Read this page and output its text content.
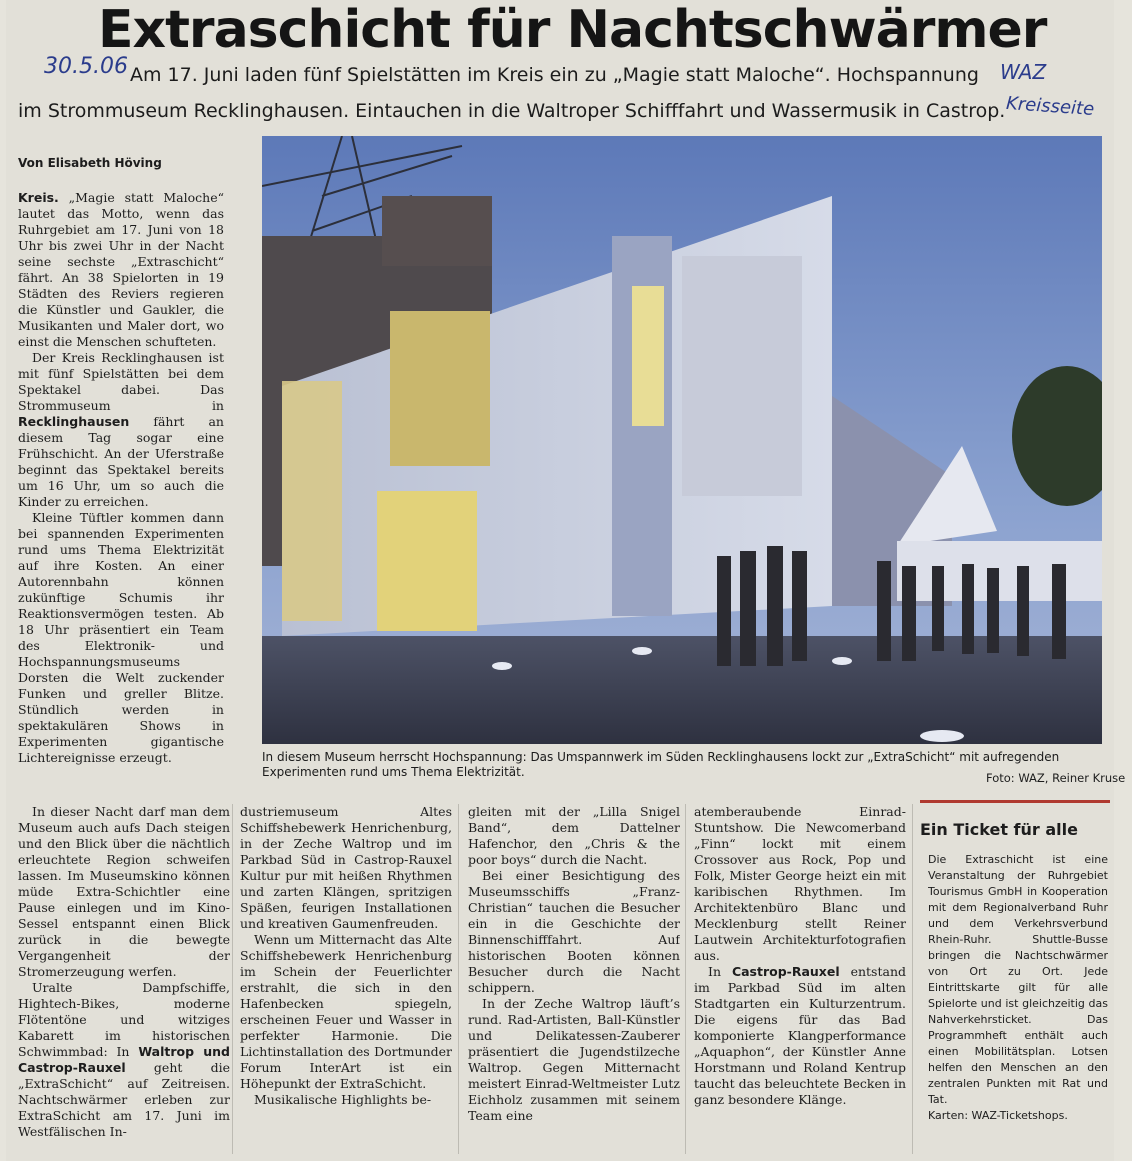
Extraschicht für Nachtschwärmer
30.5.06	WAZ
Kreisseite
Am 17. Juni laden fünf Spielstätten im Kreis ein zu „Magie statt Maloche“. Hochspannung
im Strommuseum Recklinghausen. Eintauchen in die Waltroper Schifffahrt und Wassermusik in Castrop.
Von Elisabeth Höving

Kreis. „Magie statt Maloche“ lautet das Motto, wenn das Ruhrgebiet am 17. Juni von 18 Uhr bis zwei Uhr in der Nacht seine sechste „Extraschicht“ fährt. An 38 Spielorten in 19 Städten des Reviers regieren die Künstler und Gaukler, die Musikanten und Maler dort, wo einst die Menschen schufteten.

Der Kreis Recklinghausen ist mit fünf Spielstätten bei dem Spektakel dabei. Das Strommuseum in Recklinghausen fährt an diesem Tag sogar eine Frühschicht. An der Uferstraße beginnt das Spektakel bereits um 16 Uhr, um so auch die Kinder zu erreichen.

Kleine Tüftler kommen dann bei spannenden Experimenten rund ums Thema Elektrizität auf ihre Kosten. An einer Autorennbahn können zukünftige Schumis ihr Reaktionsvermögen testen. Ab 18 Uhr präsentiert ein Team des Elektronik- und Hochspannungsmuseums Dorsten die Welt zuckender Funken und greller Blitze. Stündlich werden in spektakulären Shows in Experimenten gigantische Lichtereignisse erzeugt.	In diesem Museum herrscht Hochspannung: Das Umspannwerk im Süden Recklinghausens lockt zur „ExtraSchicht“ mit aufregenden Experimenten rund ums Thema Elektrizität.	Foto: WAZ, Reiner Kruse

In dieser Nacht darf man dem Museum auch aufs Dach steigen und den Blick über die nächtlich erleuchtete Region schweifen lassen. Im Museumskino können müde Extra-Schichtler eine Pause einlegen und im Kino-Sessel entspannt einen Blick zurück in die bewegte Vergangenheit der Stromerzeugung werfen.

Uralte Dampfschiffe, Hightech-Bikes, moderne Flötentöne und witziges Kabarett im historischen Schwimmbad: In Waltrop und Castrop-Rauxel geht die „ExtraSchicht“ auf Zeitreisen. Nachtschwärmer erleben zur ExtraSchicht am 17. Juni im Westfälischen In-

dustriemuseum Altes Schiffshebewerk Henrichenburg, in der Zeche Waltrop und im Parkbad Süd in Castrop-Rauxel Kultur pur mit heißen Rhythmen und zarten Klängen, spritzigen Späßen, feurigen Installationen und kreativen Gaumenfreuden.

Wenn um Mitternacht das Alte Schiffshebewerk Henrichenburg im Schein der Feuerlichter erstrahlt, die sich in den Hafenbecken spiegeln, erscheinen Feuer und Wasser in perfekter Harmonie. Die Lichtinstallation des Dortmunder Forum InterArt ist ein Höhepunkt der ExtraSchicht.

Musikalische Highlights be-

gleiten mit der „Lilla Snigel Band“, dem Dattelner Hafenchor, den „Chris & the poor boys“ durch die Nacht.

Bei einer Besichtigung des Museumsschiffs „Franz-Christian“ tauchen die Besucher ein in die Geschichte der Binnenschifffahrt. Auf historischen Booten können Besucher durch die Nacht schippern.

In der Zeche Waltrop läuft’s rund. Rad-Artisten, Ball-Künstler und Delikatessen-Zauberer präsentiert die Jugendstilzeche Waltrop. Gegen Mitternacht meistert Einrad-Weltmeister Lutz Eichholz zusammen mit seinem Team eine

atemberaubende Einrad-Stuntshow. Die Newcomerband „Finn“ lockt mit einem Crossover aus Rock, Pop und Folk, Mister George heizt ein mit karibischen Rhythmen. Im Architektenbüro Blanc und Mecklenburg stellt Reiner Lautwein Architekturfotografien aus.

In Castrop-Rauxel entstand im Parkbad Süd im alten Stadtgarten ein Kulturzentrum. Die eigens für das Bad komponierte Klangperformance „Aquaphon“, der Künstler Anne Horstmann und Roland Kentrup taucht das beleuchtete Becken in ganz besondere Klänge.

Ein Ticket für alle
Die Extraschicht ist eine Veranstaltung der Ruhrgebiet Tourismus GmbH in Kooperation mit dem Regionalverband Ruhr und dem Verkehrsverbund Rhein-Ruhr. Shuttle-Busse bringen die Nachtschwärmer von Ort zu Ort. Jede Eintrittskarte gilt für alle Spielorte und ist gleichzeitig das Nahverkehrsticket. Das Programmheft enthält auch einen Mobilitätsplan. Lotsen helfen den Menschen an den zentralen Punkten mit Rat und Tat.
Karten: WAZ-Ticketshops.
